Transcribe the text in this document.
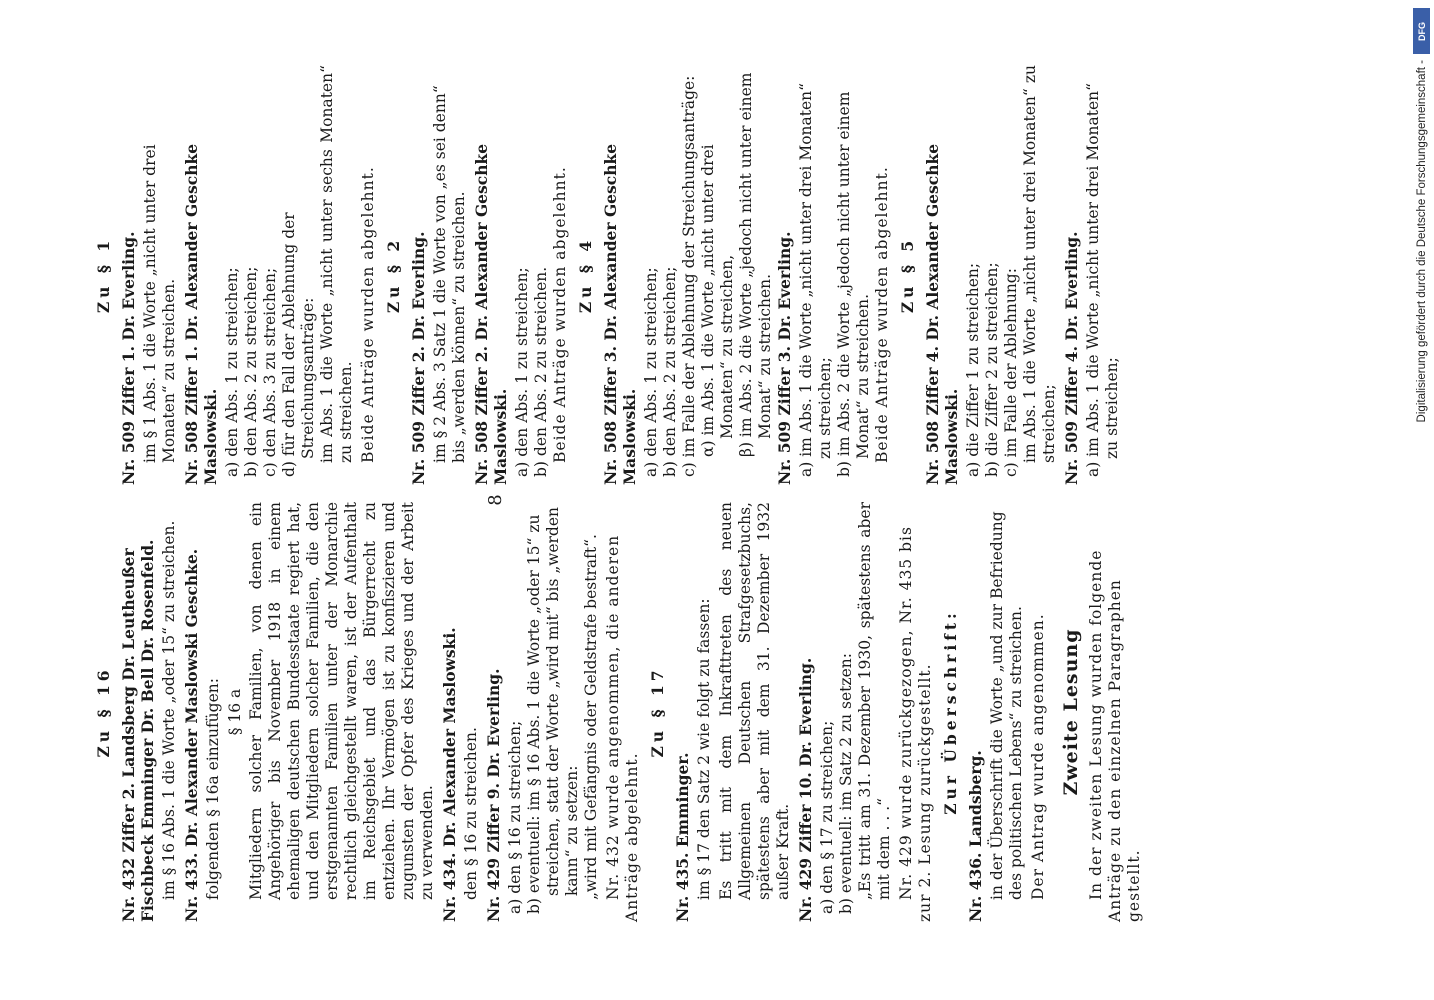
Digitalisierung gefördert durch die Deutsche Forschungsgemeinschaft -
DFG
8
Zu § 16 Nr. 432 Ziffer 2. Landsberg Dr. Leutheußer Fischbeck Emminger Dr. Bell Dr. Rosenfeld. im § 16 Abs. 1 die Worte „oder 15“ zu streichen. Nr. 433. Dr. Alexander Maslowski Geschke. folgenden § 16a einzufügen: § 16 a Mitgliedern solcher Familien, von denen ein Angehöriger bis November 1918 in einem ehemaligen deutschen Bundesstaate regiert hat, und den Mitgliedern solcher Familien, die den erstgenannten Familien unter der Monarchie rechtlich gleichgestellt waren, ist der Aufenthalt im Reichsgebiet und das Bürgerrecht zu entziehen. Ihr Vermögen ist zu konfiszieren und zugunsten der Opfer des Krieges und der Arbeit zu verwenden. Nr. 434. Dr. Alexander Maslowski. den § 16 zu streichen. Nr. 429 Ziffer 9. Dr. Everling. a) den § 16 zu streichen; b) eventuell: im § 16 Abs. 1 die Worte „oder 15“ zu streichen, statt der Worte „wird mit“ bis „werden kann“ zu setzen: „wird mit Gefängnis oder Geldstrafe bestraft“. Nr. 432 wurde angenommen, die anderen Anträge abgelehnt.
Zu § 17
Nr. 435. Emminger. im § 17 den Satz 2 wie folgt zu fassen: Es tritt mit dem Inkrafttreten des neuen Allgemeinen Deutschen Strafgesetzbuchs, spätestens aber mit dem 31. Dezember 1932 außer Kraft. Nr. 429 Ziffer 10. Dr. Everling. a) den § 17 zu streichen; b) eventuell: im Satz 2 zu setzen: „Es tritt am 31. Dezember 1930, spätestens aber mit dem . . .“ Nr. 429 wurde zurückgezogen, Nr. 435 bis zur 2. Lesung zurückgestellt. Zur Überschrift:
Nr. 436. Landsberg. in der Überschrift die Worte „und zur Befriedung des politischen Lebens“ zu streichen. Der Antrag wurde angenommen. Zweite Lesung In der zweiten Lesung wurden folgende Anträge zu den einzelnen Paragraphen gestellt.
Zu § 1 Nr. 509 Ziffer 1. Dr. Everling. im § 1 Abs. 1 die Worte „nicht unter drei Monaten“ zu streichen. Nr. 508 Ziffer 1. Dr. Alexander Geschke Maslowski. a) den Abs. 1 zu streichen; b) den Abs. 2 zu streichen; c) den Abs. 3 zu streichen; d) für den Fall der Ablehnung der Streichungsanträge: im Abs. 1 die Worte „nicht unter sechs Monaten“ zu streichen. Beide Anträge wurden abgelehnt. Zu § 2 Nr. 509 Ziffer 2. Dr. Everling. im § 2 Abs. 3 Satz 1 die Worte von „es sei denn“ bis „werden können“ zu streichen. Nr. 508 Ziffer 2. Dr. Alexander Geschke Maslowski. a) den Abs. 1 zu streichen; b) den Abs. 2 zu streichen. Beide Anträge wurden abgelehnt. Zu § 4 Nr. 508 Ziffer 3. Dr. Alexander Geschke Maslowski. a) den Abs. 1 zu streichen; b) den Abs. 2 zu streichen; c) im Falle der Ablehnung der Streichungsanträge: α) im Abs. 1 die Worte „nicht unter drei Monaten“ zu streichen, β) im Abs. 2 die Worte „jedoch nicht unter einem Monat“ zu streichen. Nr. 509 Ziffer 3. Dr. Everling. a) im Abs. 1 die Worte „nicht unter drei Monaten“ zu streichen; b) im Abs. 2 die Worte „jedoch nicht unter einem Monat“ zu streichen. Beide Anträge wurden abgelehnt. Zu § 5 Nr. 508 Ziffer 4. Dr. Alexander Geschke Maslowski. a) die Ziffer 1 zu streichen; b) die Ziffer 2 zu streichen; c) im Falle der Ablehnung: im Abs. 1 die Worte „nicht unter drei Monaten“ zu streichen; Nr. 509 Ziffer 4. Dr. Everling. a) im Abs. 1 die Worte „nicht unter drei Monaten“ zu streichen;
